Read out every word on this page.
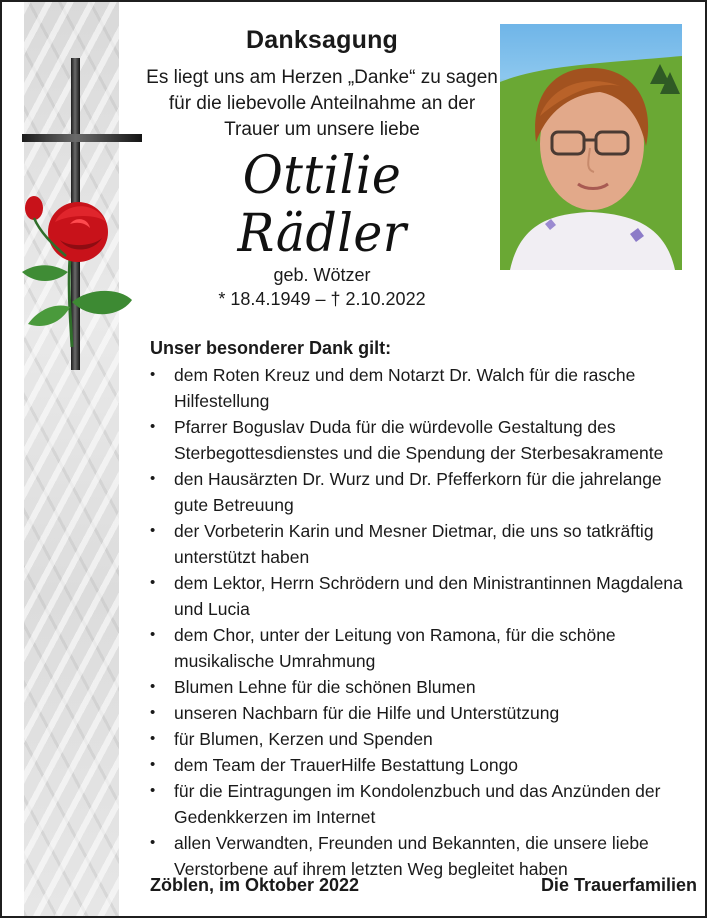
Danksagung
Es liegt uns am Herzen „Danke“ zu sagen
für die liebevolle Anteilnahme an der
Trauer um unsere liebe
Ottilie Rädler
geb. Wötzer
* 18.4.1949 – † 2.10.2022
Unser besonderer Dank gilt:
• dem Roten Kreuz und dem Notarzt Dr. Walch für die rasche Hilfestellung
• Pfarrer Boguslav Duda für die würdevolle Gestaltung des Sterbegottesdienstes und die Spendung der Sterbesakramente
• den Hausärzten Dr. Wurz und Dr. Pfefferkorn für die jahrelange gute Betreuung
• der Vorbeterin Karin und Mesner Dietmar, die uns so tatkräftig unterstützt haben
• dem Lektor, Herrn Schrödern und den Ministrantinnen Magdalena und Lucia
• dem Chor, unter der Leitung von Ramona, für die schöne musikalische Umrahmung
• Blumen Lehne für die schönen Blumen
• unseren Nachbarn für die Hilfe und Unterstützung
• für Blumen, Kerzen und Spenden
• dem Team der TrauerHilfe Bestattung Longo
• für die Eintragungen im Kondolenzbuch und das Anzünden der Gedenkkerzen im Internet
• allen Verwandten, Freunden und Bekannten, die unsere liebe Verstorbene auf ihrem letzten Weg begleitet haben
Zöblen, im Oktober 2022	Die Trauerfamilien
